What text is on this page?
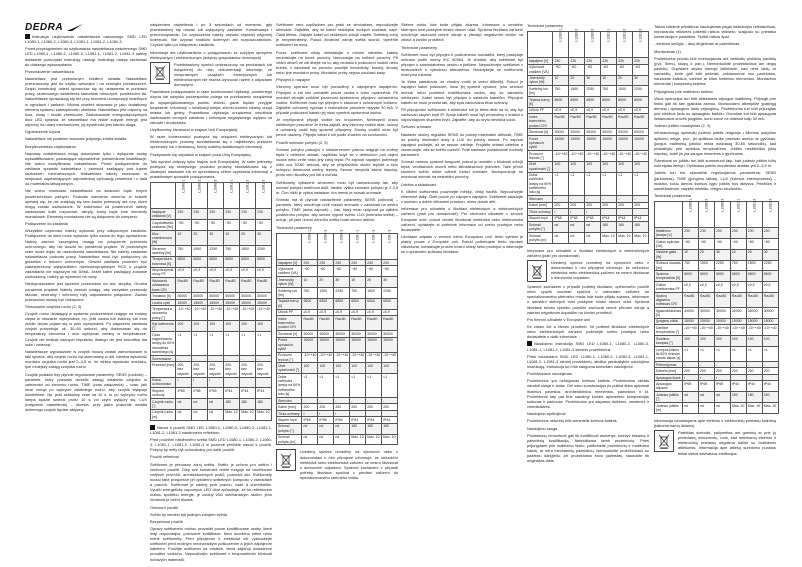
DEDRA

Instrukcja użytkowania naświetlacza naścianego SMD LED L1080-1, L1080-2, L1080-3, L1081-1, L1081-2, L1081-3

Przed przystąpieniem do użytkowania naświetlacza naściennego SMD LED L1080-1, L1080-2, L1080-3, L1081-1, L1081-2, L1081-3 należy dokładnie przeczytać instrukcję obsługi. Instrukcję należy zachować do dalszego wykorzystania.

Przeznaczenie naświetlacza

Naświetlacz jest przenośnym źródłem światła. Naświetlacz przeznaczony jest do użytku wewnątrz i na zewnątrz pomieszczeń. Dzięki konstrukcji obiekt spowodow się do ustawienia w punktach pracy, skutecznego oświetlenia stanowisk roboczych, powierzchni tła. Naświetlacze sprawdzają się też przy tworzeniu kompozycji świetlnych w ogrodach i parkach. Można również stosować je jako dodatkowy element systemu zabezpieczeń obiektów. Naświetlacz jest odporny na kurz, wodę i środki chemiczne. Zastosowanie energooszczędnych diod LED sprawia, że naświetlacz ma niskie zużycie energii, jest odporny na udary mechaniczne, jej żywotność jest bardzo długa.

Ograniczenie użycia

Naświetlacz nie powinien stanowić jedynego źródła światła.

Bezpieczeństwo użytkowania

Naprawę naświetlacza mogą dokonywać tylko i wyłącznie osoby wykwalifikowane, posiadające odpowiednie, potwierdzone kwalifikacje. Nie wolno modyfikować naświetlacza. Przed podłączeniem do zasilania sprawdź naświetlacz i przewód zasilający pod kątem uszkodzeń mechanicznych. Naświetlacz należy montować w miejscach zapewniających odpowiednią cyrkulację powietrza i z dala od materiałów łatwopalnych.

Nie wolno montować naświetlacza na ścianach bądź innych powierzchniach palnych. Podczas wiercenia otworów w ścianie upewnij się, że nie znajdują się tam żadne przewody ani rury, które mogą zostać uszkodzone. W zależności od powierzchni należy zastosować kołki rozporowe, wkręty, śruby bądź inne elementy montażowe. Elementy montażowe nie są dołączone do kompletu.

Podłączenie do zasilania

Wszystkie czynności należy wykonać przy odłączonym zasilaniu. Podłączenie do sieci może wykonać tylko osoba do tego uprawniona. Należy zwrócić szczególną uwagę na połączenie przewodu ochronnego, aby nie doszło do porażenia prądem. W przeciwnym razie może dojść do uszkodzenia naświetlacza. Nie należy zasłaniać naświetlacza podczas pracy. Naświetlacz musi być podłączony do gniazdka z bolcem ochronnym. Obwód zasilania powinien być zabezpieczony wyłącznikiem różnicowoprądowym RCD o prądzie zadziałania nie większym niż 30mA. Jeżeli kabel zasilający zostanie uszkodzony, należy go wymienić na nowy.

Niedopuszczalne jest łączenie przewodów na tzw. skrętkę. Groźba porażenia prądem! Należy zwrócić uwagę, aby wszystkie przewody fazowe, neutralny i ochronny były odpowiednio połączone. Zaciski przewodów muszą być dokręcone.

Stosowanie czujnika ruchu (2, 3)

Czujnik ruchu działający w systemie podczerwieni reaguje na zmiany ciepła w obszarze wykrywania, np. jeśli osoba lub zwierzę lub inne źródło ciepła pojawi się w polu wykrywania. Po włączeniu zasilania czujnik potrzebuje ok. 30–60 sekund, aby dostosować się do temperatury otoczenia i móc wykrywać zmiany w temperaturze. Czujnik nie emituje żadnych impulsów, dlatego nie jest szkodliwy dla ludzi i zwierząt.

Naświetlacze wyposażone w czujnik muszą zostać zamontowane w taki sposób, aby czujnik ruchu był skierowany w dół. Idealna wysokość montażu czujnika ruchu jest 2–3,5 m. Im niższa wysokość montażu, tym mniejszy zasięg czujnika ruchu.

Czujnik posiada trzy płynnie regulowane parametry: SENS (czułość) – parametr, który pozwala określić zasięg działania czujnika w zależności od kierunku ruchu. TIME (czas załączenia) – czas, jaki musi minąć po wykryciu ostatniego ruchu, aby czujnik wyłączył oświetlenie. Np. jeśli ustawimy czas na 10 s, to po wykryciu ruchu lampa będzie świecić przez 10 s, po czym wyłączy się. LUX (natężenie oświetlenia) – określa, przy jakim poziomie światła dziennego czujnik będzie aktywny.

natężeniem oświetlenia i po 3 sekundach od momentu, gdy przestaniemy się ruszać lub wyłączymy zasilanie. Konserwacja i przechowywanie: Do czyszczenia należy używać miękkiej wilgotnej ściereczki. Nie używać środków ściernych ani rozpuszczalników. Czyścić tylko po odłączeniu zasilania.

Informacje dla użytkowników o postępowaniu ze zużytym sprzętem elektrycznym i elektronicznym (dotyczy gospodarstw domowych)

Przedstawiony symbol umieszczony na produktach lub dołączonej do nich dokumentacji informuje, że niesprawnych urządzeń elektrycznych lub elektronicznych nie można wyrzucać razem z odpadami domowymi.

Prawidłowe postępowanie w razie konieczności utylizacji, powtórnego użycia lub odzysku podzespołów polega na przekazaniu urządzenia do wyspecjalizowanego punktu zbiórki, gdzie będzie przyjęte bezpłatnie. Informacji o lokalizacji miejsc zbiórki udziela lokalny urząd miasta lub gminy. Prawidłowa utylizacja urządzenia umożliwia zachowanie cennych zasobów i uniknięcie negatywnego wpływu na zdrowie i środowisko.

Użytkownicy biznesowi w krajach Unii Europejskiej

W razie konieczności pozbycia się urządzeń elektrycznych lub elektronicznych, prosimy skontaktować się z najbliższym punktem sprzedaży lub z dostawcą, którzy udzielą dodatkowych informacji.

Pozbywanie się odpadów w krajach poza Unią Europejską

Taki symbol dotyczy tylko krajów Unii Europejskiej. W razie potrzeby pozbycia się niniejszego produktu prosimy skontaktować się z lokalnymi władzami lub ze sprzedawcą celem uzyskania informacji o prawidłowym sposobie postępowania.

	L1080-1	L1080-2	L1080-3	L1081-1	L1081-2	L1081-3
Napięcie zasilania [V]	230	230	230	230	230	230
Częstotliwość zasilania [Hz]	~50	~50	~50	~50	~50	~50
Moc znamionowa [W]	10	20	30	10	20	30
Strumień świetlny [lm]	750	1500	2250	750	1500	2250
Temperatura barwowa [K]	6500	6500	6500	6500	6500	6500
Współczynnik mocy PF	≥0,9	≥0,9	≥0,9	≥0,9	≥0,9	≥0,9
Wskaźnik oddawania barw CRI	Ra≥80	Ra≥80	Ra≥80	Ra≥80	Ra≥80	Ra≥80
Trwałość [h]	30000	30000	30000	30000	30000	30000
Liczba cykli	15000	15000	15000	15000	15000	15000
Temperatura otoczenia pracy [°]	-10÷+40	-10÷+40	-10÷+40	-10÷+40	-10÷+40	-10÷+40
Kąt świecenia [°]	100	100	100	100	100	100
Czas nagrzewania lampy do 60% strumienia świetlnego [s]	<1	<1	<1	<1	<1	<1
Ściemnianie	-	-	-	-	-	-
Przewód [mm]	200, bez wtyczki	200, bez wtyczki	200, bez wtyczki	200, bez wtyczki	200, bez wtyczki	200, bez wtyczki
Klasa ochronności	I	I	I			
Stopień ochrony	IP65	IP65	IP65	IP44	IP44	IP44
Czujnik ruchu [°]	nd	nd	nd	180	180	180
Czujnik ruchu [m]	nd	nd	nd	Max. 10	Max. 10	Max. 10

Návod k použití SMD LED L1080-1, L1080-2, L1080-3, L1081-1, L1081-2, L1081-3 nástěnného reflektoru

Před použitím nástěnného světla SMD LED L1080-1, L1080-2, L1080-3, L1081-1, L1081-2, L1081-3 si pozorně přečtěte návod k použití. Pokyny by měly být uchovávány pro další použití.

Použití reflektoru

Světlomet je přenosný zdroj světla. Světlo je určeno pro vnitřní i venkovní použití. Díky své konstrukci dobře funguje na osvětlování vnějších povrchů, architektonických prvků, pomníků atd. Světlomety budou také prospěšné při vytváření světelných kompozic v zahradách a parcích. Světlomet je odolný proti prachu, vodě a chemikáliím. Využití energeticky úsporných LED diod způsobuje, že se reflektorem nízkou spotřebu energie, je odolný vůči mechanickým rázům, jeho životnost je velmi dlouhá.

Omezení použití

Světlo by nemělo být jediným zdrojem světla.

Bezpečnost použití

Opravy světlometu mohou provádět pouze kvalifikované osoby, které mají odpovídající, potvrzené kvalifikace. Není dovoleno měnit nebo měnit světlomety. Před připojením k elektrické síti vyzkoušejte světlomet před možným mechanickým poškozením a jejich napájecím kabelem. Použijte světlomet na místech, která zajišťují dostatečné proudění vzduchu. Nepoužívejte světlomet v bezprostřední blízkosti hořlavých materiálů.

Světlomet není uzpůsoben pro práci se stmívačem, nepoužívejte stmívače. Zajistěte, aby se kabel nedotýkal horkých součástí, např. Části tělesa. Odpojte kabel od veškerých zdrojů napětí. Světelný zdroj je nevyměnitelný. Pokud životnost zdroje světla skončí, vyměňte světlomet za nový.

Pozor: světlomet nikdy neinstalujte s ručním nářadím, kabely neumisťujte na horké povrchy. Nemontujte na hořlavé povrchy. Při vrtání otvorů ve zdi dbejte na to, aby nedošlo k poškození vodičů nebo trubek, v závislosti na povrchu použijte hmoždinky, šrouby, šrouby nebo jiné montážní prvky. Montážní prvky nejsou součástí sady.

Připojení k napájení

Všechny operace musí být prováděny s odpojeným napájením. Připojení k síti smí provádět pouze osoba k tomu oprávněná. Při montáži věnujte zvláštní pozornost správnému připojení ochranného vodiče. Světlomet musí být připojen k zásuvce s ochranným kolíkem. Zajistěte ochranný vypínač s reziduálním proudem nejvýše 30 mA. V případě poškození kabelu jej musí vyměnit oprávněná osoba.

Je nepřípustné připojit vodiče tzv. kroucením. Nebezpečí úrazu elektrickým proudem! Je třeba zajistit, aby všechny vodiče fáze, nulový a ochranný vodič byly správně připojeny. Svorky vodičů musí být pevně utaženy. Připojte kabel k síti podle značení na svorkovnici.

Použití snímače pohybu (2, 3)

Snímač pohybu pracující v infračerveném pásmu reaguje na změny tepla v detekční oblasti, například když se v detekčním poli objeví osoba nebo zvíře nebo jiný zdroj tepla. Po zapnutí napájení potřebuje čidlo cca 30-60 sekund, aby se přizpůsobilo okolní teplotě a bylo schopno detekovat změny teploty. Senzor nevysílá žádné impulzy, proto není škodlivý pro lidi a zvířata.

Světlomety vybavené senzorem musí být namontovány tak, aby snímač pohybu směřoval dolů. Ideální výška snímače pohybu je 2-3,5 m. Čím nižší je výška instalace, tím menší je rozsah snímače.

Snímač má tři plynule nastavitelné parametry: SENS (citlivost) – parametr, který umožňuje určit rozsah snímače v závislosti na směru pohybu. TIME (doba zapnutí) – čas, který musí uplynout po zjištění posledního pohybu, aby senzor vypnul světlo. LUX (intenzita světla) – určuje, při jaké úrovni denního světla bude senzor aktivní.

Technické parametry

	L1080-1	L1080-2	L1080-3	L1081-1	L1081-2	L1081-3
Napájení [V]	230	230	230	230	230	230
Výkonové zatížení [VA]	~60	~60	~60	~60	~60	~60
Jmenovitý výkon [W]	10	20	30	10	20	30
Světelný tok [lm]	750	1500	2250	750	1500	2250
Teplota barvy [K]	6500	6500	6500	6500	6500	6500
Účiník PF	≥0,9	≥0,9	≥0,9	≥0,9	≥0,9	≥0,9
Index barevného podání CRI	Ra≥80	Ra≥80	Ra≥80	Ra≥80	Ra≥80	Ra≥80
Životnost [h]	30000	30000	30000	30000	30000	30000
Počet spínacích cyklů	15000	15000	15000	15000	15000	15000
Provozní teplota [°]	-10÷+40	-10÷+40	-10÷+40	-10÷+40	-10÷+40	-10÷+40
Úhel vyzařování [°]	100	100	100	100	100	100
Doba zahřívání lampy na 60% světelného toku [s]	<1	<1	<1	<1	<1	<1
Stmívání	-	-	-	-	-	-
Kabel [mm]	200	200	200	200	200	200
Třída ochrany	I	I	I			
Stupeň krytí	IP65	IP65	IP65	IP44	IP44	IP44
Snímač pohybu [°]	nd	nd	nd	180	180	180
Snímač pohybu [m]	nd	nd	nd	Max. 10	Max. 10	Max. 10
Uvedený symbol umístěný na výrobcích nebo v dokumentaci k nim připojené informuje, že nefunkční elektrická nebo elektronická zařízení se nesmí likvidovat s domovním odpadem. Správné zacházení v případě potřeby likvidace spočívá v předání zařízení do specializovaného sběrného místa.

Sběrné místo, kde bude přijato zdarma. Informace o umístění sběrných míst poskytne místní obecní úřad. Správná likvidace zařízení umožňuje zachovat cenné zdroje a předejít negativním vlivům na zdraví a životní prostředí.

Technické parametry

Světlomet musí být připojen k podružnému rozvaděči, který poskytuje ochranu podle normy IEC 60364. Je vhodné, aby světlomet byl připojen k samostatnému okruhu s jističem. Nepoužívejte světlomet v místnostech s výbušnou atmosférou. Nedotýkejte se světlometu mokrýma rukama.

Je třeba pamatovat, že vhodný vodič je velmi důležitý. Pokud je napájecí kabel poškozen, musí jej vyměnit výrobce, jeho servisní technik nebo podobně kvalifikovaná osoba, aby se zabránilo nebezpečí. Kabel nesmí být připojen k ostatním kabelům. Připojení kabelu se musí provést tak, aby byla zachována třída ochrany.

Při připojování světlometu k elektrické síti je třeba dbát na to, aby byl zachován stupeň krytí IP. Spoje kabelů musí být provedeny v krabici s odpovídajícím stupněm krytí. Zajistěte, aby do krytu nevnikla voda.

Seřízení snímače

Nastavte otočný regulátor SENS do polohy maximální citlivosti, TIME do polohy minimální doby a LUX do polohy slunce. Po zapnutí napájení počkejte, až se senzor zahřeje. Projděte oblastí detekce a zkontrolujte, zda se světlo rozsvítí. Poté nastavte požadované hodnoty parametrů.

Snímač nemusí správně fungovat, pokud je umístěn v blízkosti zdrojů tepla, ventilačních otvorů nebo klimatizačních jednotek. Také přímé sluneční světlo může ovlivnit funkci snímače. Nedoporučuje se montovat snímač na nestabilní povrchy.

Údržba a skladování

K čištění světlometu používejte měkký, vlhký hadřík. Nepoužívejte chemické látky. Čistit pouze po odpojení napájení. Světlomet skladujte v suchém a dobře větraném prostoru, mimo dosah dětí.

Informace pro uživatele o likvidaci elektrických a elektronických zařízení (platí pro domácnosti). Pro obchodní uživatele v zemích Evropské unie: pokud chcete likvidovat elektrická nebo elektronická zařízení, vyžádejte si potřebné informace od svého prodejce nebo dodavatele.

Likvidace odpadu v zemích mimo Evropskou unii: tento symbol je platný pouze v Evropské unii. Pokud potřebujete tento výrobek zlikvidovat, kontaktujte prosím místní úřady nebo prodejce a informujte se o správném způsobu likvidace.

Technické parametry

	L1080-1	L1080-2	L1080-3	L1081-1	L1081-2	L1081-3
Napájení [V]	230	230	230	230	230	230
Výkonové zatížení [VA]	~60	~60	~60	~60	~60	~60
Jmenovitý výkon [W]	10	20	30	10	20	30
Světelný tok [lm]	750	1500	2250	750	1500	2250
Teplota barvy [K]	6500	6500	6500	6500	6500	6500
Účiník PF	≥0,9	≥0,9	≥0,9	≥0,9	≥0,9	≥0,9
Index barevného podání CRI	Ra≥80	Ra≥80	Ra≥80	Ra≥80	Ra≥80	Ra≥80
Životnost [h]	30000	30000	30000	30000	30000	30000
Počet spínacích cyklů	15000	15000	15000	15000	15000	15000
Provozní teplota [°]	-10÷+40	-10÷+40	-10÷+40	-10÷+40	-10÷+40	-10÷+40
Úhel vyzařování [°]	100	100	100	100	100	100
Doba zahřívání lampy na 60% světelného toku [s]	<1	<1	<1	<1	<1	<1
Stmívání	-	-	-	-	-	-
Kabel [mm]	200	200	200	200	200	200
Třída ochrany	I	I	I			
Stupeň krytí	IP65	IP65	IP65	IP44	IP44	IP44
Snímač pohybu [°]	nd	nd	nd	180	180	180
Snímač pohybu [m]	nd	nd	nd	Max. 10	Max. 10	Max. 10

Informace pro uživatele o likvidaci elektrických a elektronických zařízení (platí pro domácnosti)

Uvedený symbol umístěný na výrobcích nebo v dokumentaci k nim připojené informuje, že nefunkční elektrická nebo elektronická zařízení se nesmí likvidovat s domovním odpadem.

Správné zacházení v případě potřeby likvidace, opětovného použití nebo využití součástí spočívá v odevzdání zařízení do specializovaného sběrného místa, kde bude přijato zdarma. Informace o umístění sběrných míst poskytne místní obecní úřad. Správná likvidace tohoto výrobku pomůže zachovat cenné přírodní zdroje a zabrání negativním dopadům na životní prostředí.

Pro firemní uživatele v Evropské unii

Ke zdraví lidí a životní prostředí. Ve potřebě likvidace elektrických nebo elektronických zařízení požádejte svého prodejce nebo dodavatele o další informace.

Naudojimo instrukcija SMD LED L1080-1, L1080-2, L1080-3, L1081-1, L1081-2, L1081-3 sieninis prožektorius

Prieš naudodami SMD LED L1080-1, L1080-2, L1080-3, L1081-1, L1081-2, L1081-3 sieninį prožektorių, atidžiai perskaitykite naudojimo instrukciją. Instrukcija turi būti saugoma tolesniam naudojimui.

Prožektoriaus naudojimas

Prožektorius yra nešiojamas šviesos šaltinis. Prožektorius skirtas naudoti viduje ir lauke. Dėl savo konstrukcijos jis puikiai tinka apšviesti išorinius paviršius, architektūrinius elementus, paminklus ir kt. Prožektoriai taip pat bus naudingi kuriant apšvietimo kompozicijas soduose ir parkuose. Prožektorius yra atsparus dulkėms, vandeniui ir chemikalams.

Naudojimo apribojimai

Prožektorius neturėtų būti vienintelis šviesos šaltinis.

Naudojimo sauga

Prožektorių remontuoti gali tik kvalifikuoti asmenys, turintys tinkamą ir patvirtintą kvalifikaciją. Neleidžiama keisti prožektorių. Prieš prijungdami prie maitinimo tinklo, patikrinkite prožektorių ir maitinimo kabelį, ar nėra mechaninių pažeidimų. Nenaudokite prožektoriaus su pažeistu dangteliu. Jei prožektorius buvo pažeistas, naudokite tik originalias dalis.

Taikos reikšmė pritaikinus naudojamas pagal instrukcijos reikalavimus, nepraranda reikšmės pakeisti rizikos veiksnio, susijusio su prietaiso konstrukcija ir paskirtimi. Tipiški rizikos tipai:

- elektros smūgis; - akių dirginimas ar pažeidimas.

Montavimas (1)

Prožektorius privalo būti montuojamas ant vertikalių plokščių paviršių (pvz. Sienų, stulpų ir pan.). Nemontuokite prožektoriaus ant degių paviršių. Gręždami skyles sienoje įsitikinkite, kad nėra laidų ar vamzdžių, kurie gali būti pažeisti; priklausomai nuo paviršiaus, naudokite kaiščius, varžtus ar kitus tvirtinimo elementus. Montavimo elementai į komplektą neįeina.

Prijungimas prie maitinimo šaltinio

Visos operacijos turi būti atliekamos atjungus maitinimą. Prijungti prie tinklo gali tik tam įgaliotas asmuo. Montuodami atkreipkite ypatingą dėmesį į apsauginio laido prijungimą. Prožektorius turi būti prijungtas prie elektros lizdo su apsauginiu kaiščiu. Grandinė turi būti apsaugota liekamosios srovės jungikliu, kurio srovė ne didesnė kaip 30 mA.

Judesio jutiklio naudojimas (2, 3)

Infraraudonųjų spindulių judesio jutiklis reaguoja į šilumos pokyčius aptikimo srityje, pvz., jei aptikimo lauke pasirodo asmuo ar gyvūnas. Įjungus maitinimą jutikliui reikia maždaug 30-60 sekundžių, kad prisitaikytų prie aplinkos temperatūros. Jutiklis neskleidžia jokių impulsų, todėl jis yra saugus žmonėms ir gyvūnams.

Šviestuvai su jutikliu turi būti sumontuoti taip, kad judesio jutiklis būtų nukreiptas žemyn. Optimalus jutiklio montavimo aukštis yra 2–3,5 m.

Jutiklis turi tris sklandžiai reguliuojamus parametrus: SENS (jautrumas), TIME (įjungimo laikas), LUX (šviesos intensyvumas) – nustato, kokiu dienos šviesos lygiu jutiklis bus aktyvus. Priežiūra ir sandėliavimas: valykite minkštu, drėgnu skudurėliu.

Techniniai parametrai

	L1080-1	L1080-2	L1080-3	L1081-1	L1081-2	L1081-3
Maitinimo įtampa [V]	230	230	230	230	230	230
Galios apkrova [VA]	~60	~60	~60	~60	~60	~60
Vardinė galia [W]	10	20	30	10	20	30
Šviesos srautas [lm]	750	1500	2250	750	1500	2250
Spalvos temperatūra [K]	6500	6500	6500	6500	6500	6500
Galios koeficientas PF	≥0,9	≥0,9	≥0,9	≥0,9	≥0,9	≥0,9
Spalvų atgavimo indeksas CRI	Ra≥80	Ra≥80	Ra≥80	Ra≥80	Ra≥80	Ra≥80
Ilgaamžiškumas [h]	30000	30000	30000	30000	30000	30000
Įjungimų ciklai	15000	15000	15000	15000	15000	15000
Darbinė temperatūra [°]	-10÷+40	-10÷+40	-10÷+40	-10÷+40	-10÷+40	-10÷+40
Švietimo kampas [°]	100	100	100	100	100	100
Lempos įšilimo iki 60% šviesos srauto laikas [s]	<1	<1	<1	<1	<1	<1
Pritemdymas	-	-	-	-	-	-
Kabelis [mm]	200	200	200	200	200	200
Apsaugos klasė	I	I	I			
Apsaugos laipsnis	IP65	IP65	IP65	IP44	IP44	IP44
Judesio jutiklis [°]	nd	nd	nd	180	180	180
Judesio jutiklis [m]	nd	nd	nd	Max. 10	Max. 10	Max. 10

Informacija naudotojams apie elektros ir elektroninių prietaisų šalinimą (taikoma namų ūkiams)

Pateiktas simbolis, pažymėtas ant gaminių ar prie jų pridedamų dokumentų, rodo, kad netinkamų elektros ir elektroninių prietaisų negalima šalinti su buitinėmis atliekomis. Informacija apie atliekų surinkimo punktus teikia vietos savivaldos institucijos.
